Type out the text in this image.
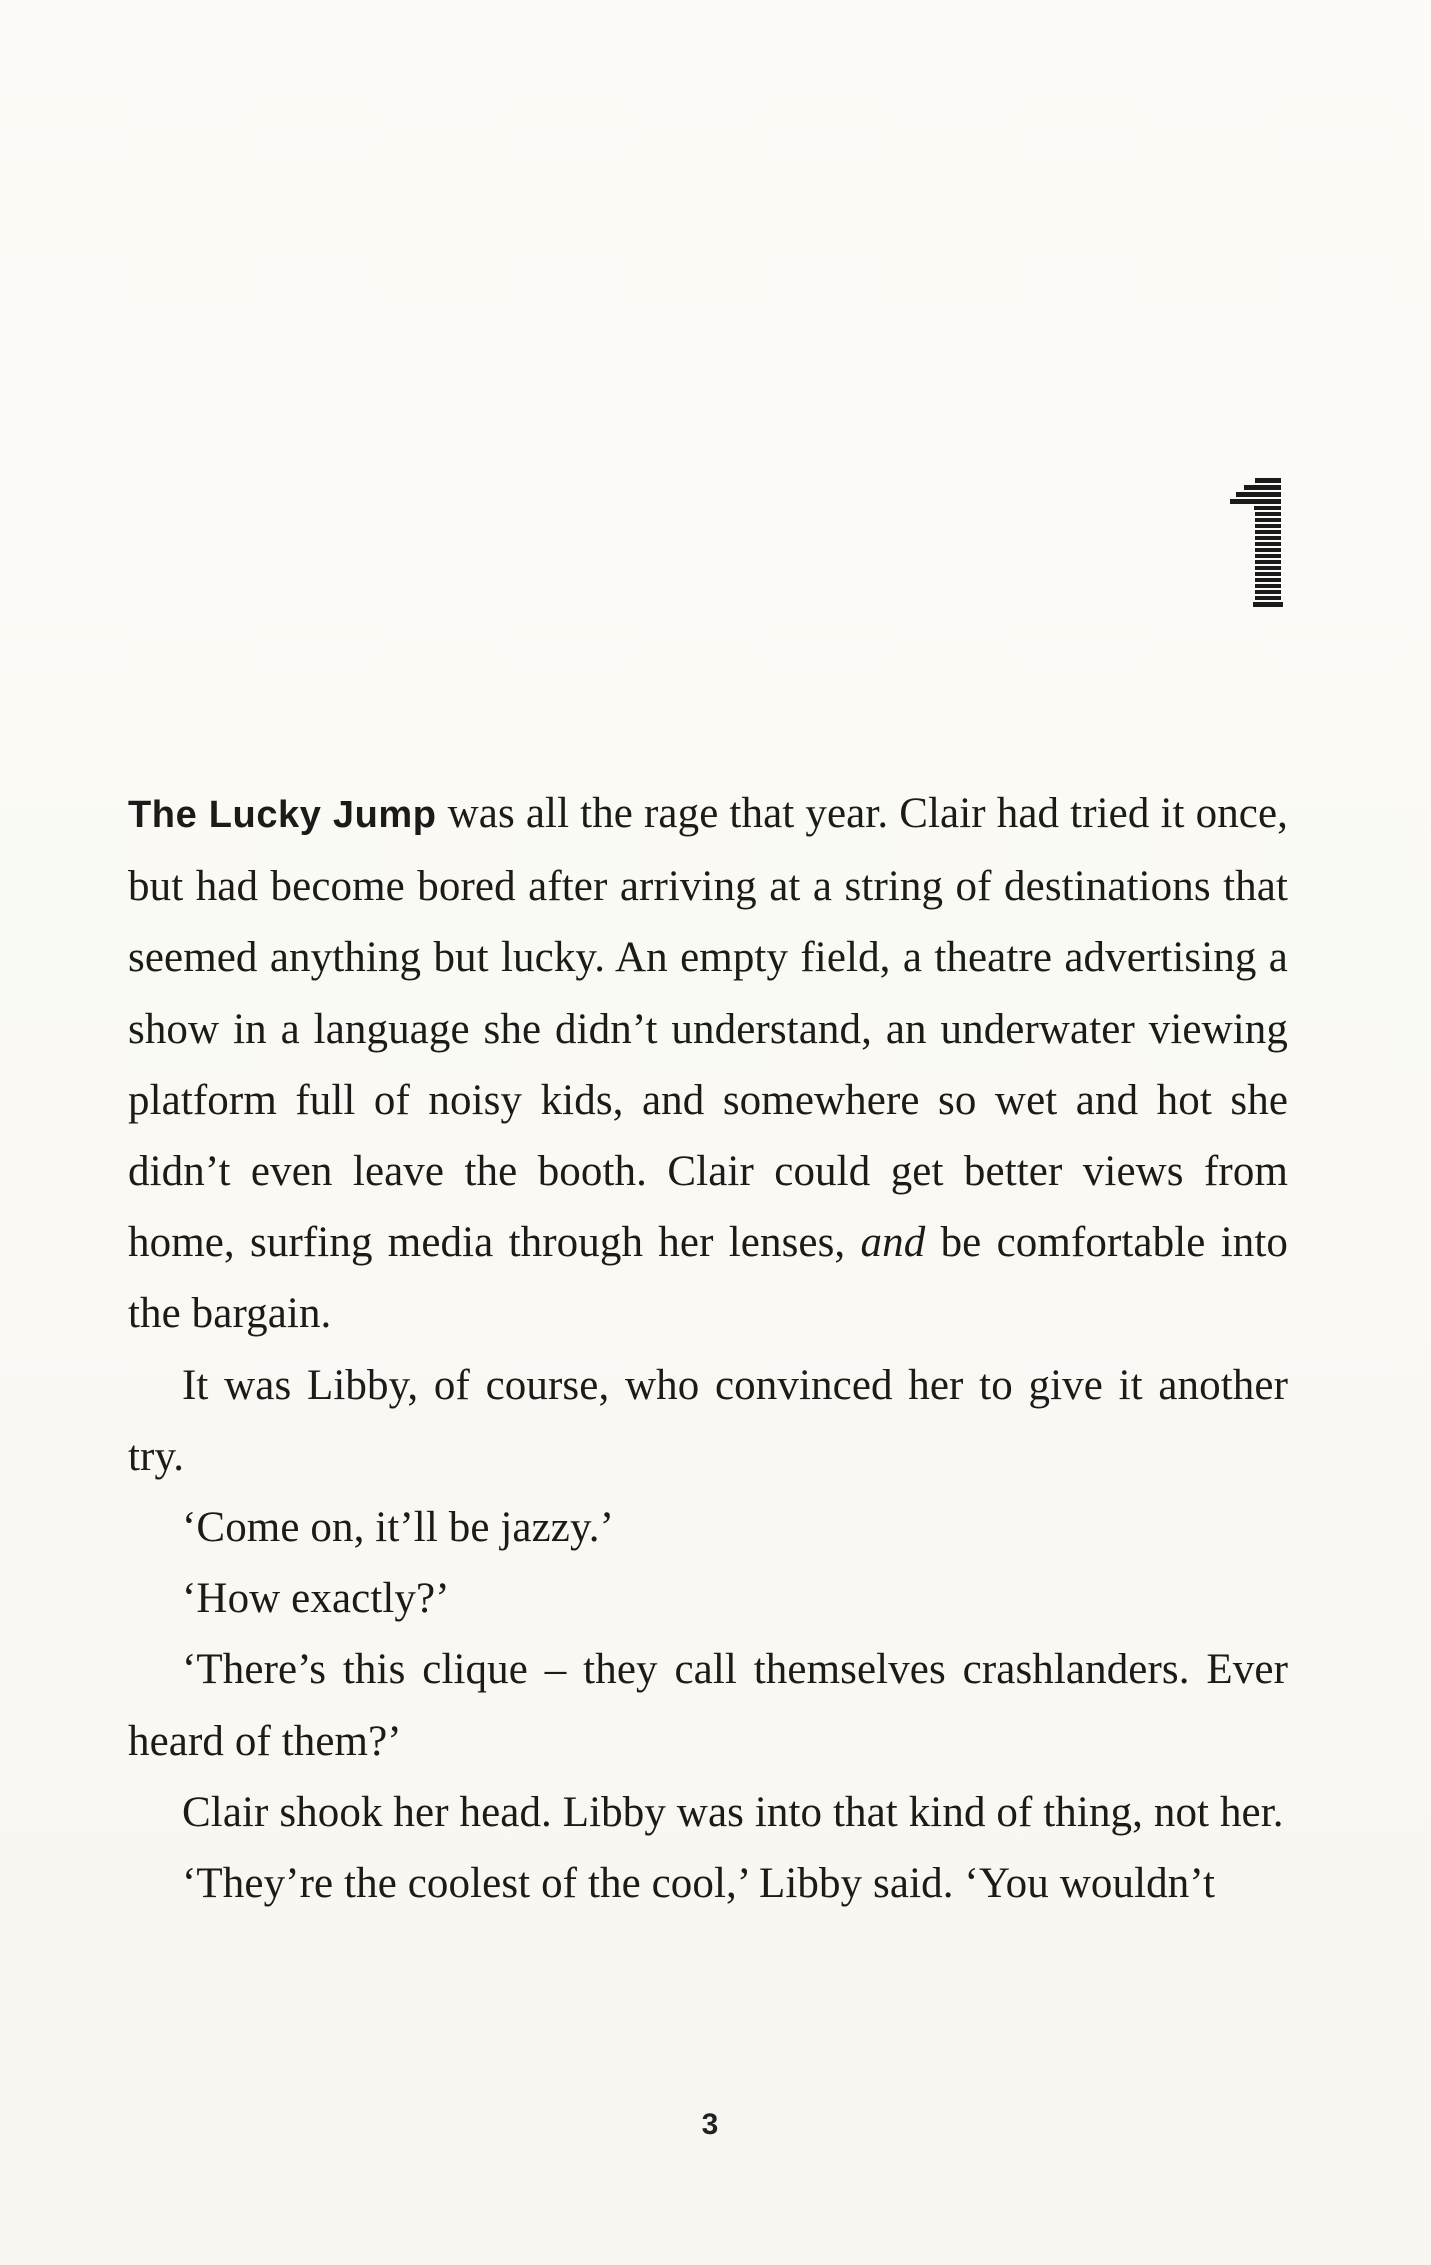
The Lucky Jump was all the rage that year. Clair had tried it once, but had become bored after arriving at a string of destinations that seemed anything but lucky. An empty field, a theatre advertising a show in a language she didn’t understand, an underwater viewing platform full of noisy kids, and somewhere so wet and hot she didn’t even leave the booth. Clair could get better views from home, surfing media through her lenses, and be comfortable into the bargain.

It was Libby, of course, who convinced her to give it another try.

‘Come on, it’ll be jazzy.’

‘How exactly?’

‘There’s this clique – they call themselves crashlanders. Ever heard of them?’

Clair shook her head. Libby was into that kind of thing, not her.

‘They’re the coolest of the cool,’ Libby said. ‘You wouldn’t

3
